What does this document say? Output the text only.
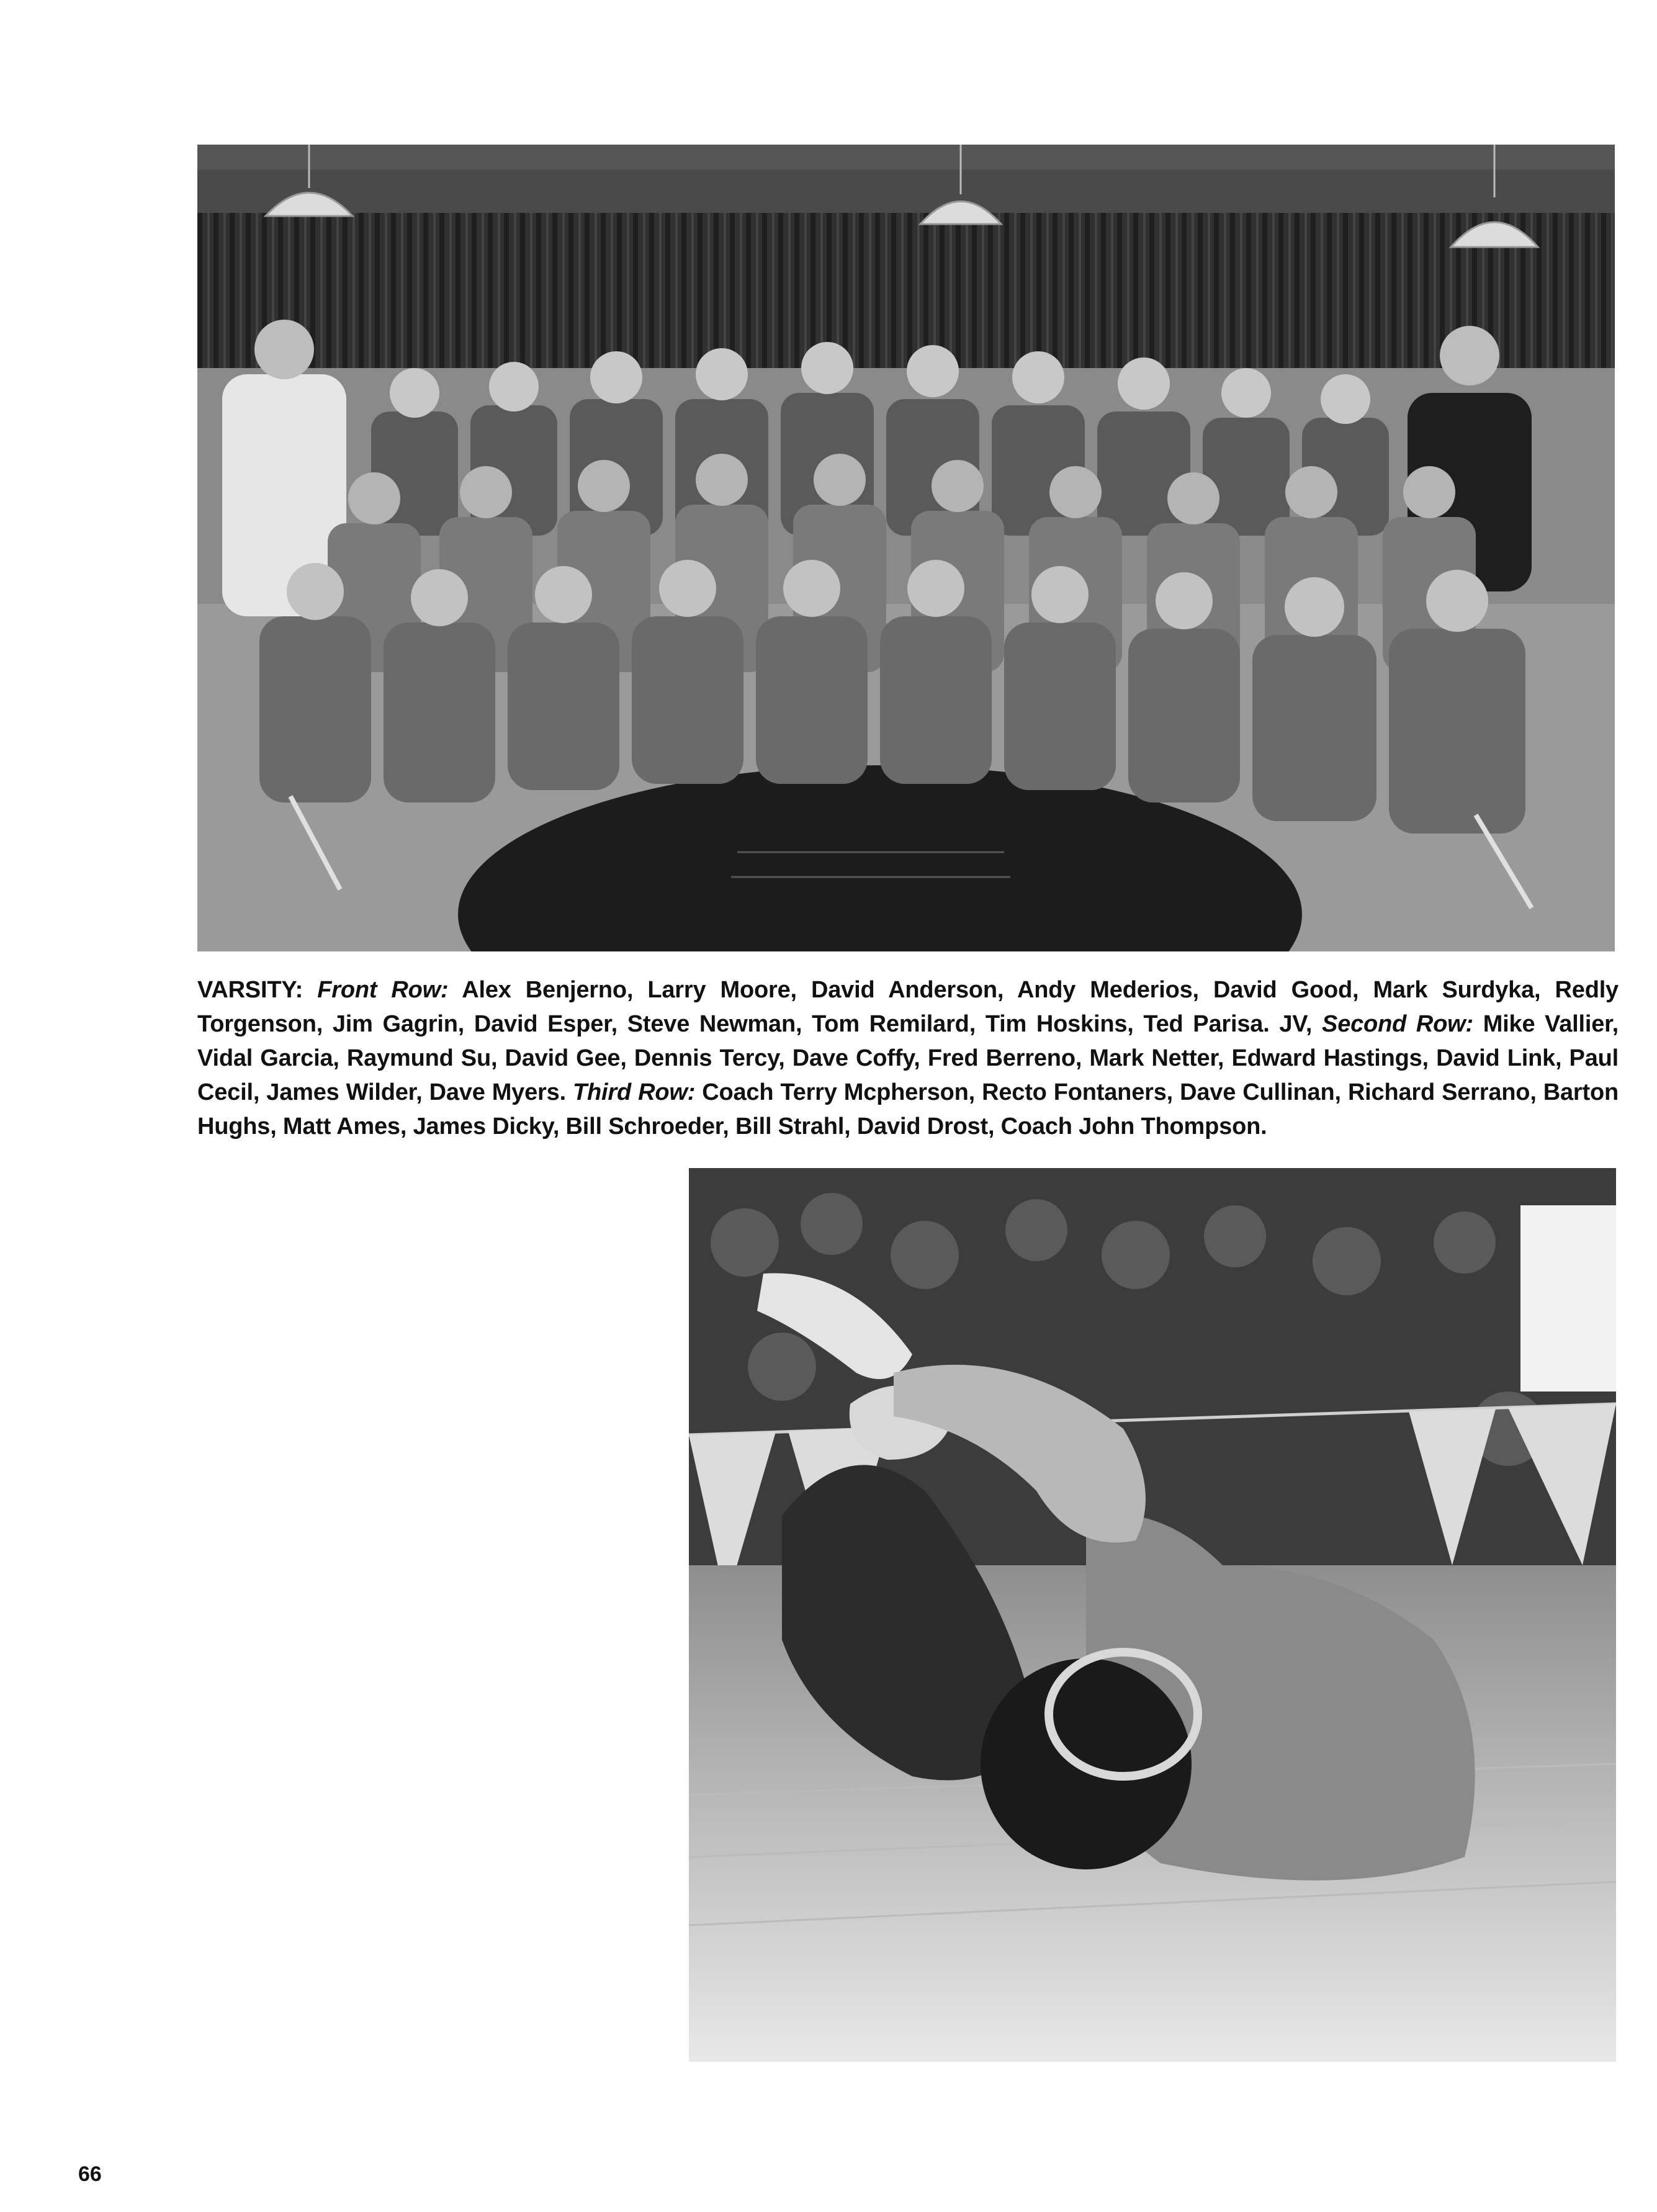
VARSITY: Front Row: Alex Benjerno, Larry Moore, David Anderson, Andy Mederios, David Good, Mark Surdyka, Redly Torgenson, Jim Gagrin, David Esper, Steve Newman, Tom Remilard, Tim Hoskins, Ted Parisa. JV, Second Row: Mike Vallier, Vidal Garcia, Raymund Su, David Gee, Dennis Tercy, Dave Coffy, Fred Berreno, Mark Netter, Edward Hastings, David Link, Paul Cecil, James Wilder, Dave Myers. Third Row: Coach Terry Mcpherson, Recto Fontaners, Dave Cullinan, Richard Serrano, Barton Hughs, Matt Ames, James Dicky, Bill Schroeder, Bill Strahl, David Drost, Coach John Thompson.
66
